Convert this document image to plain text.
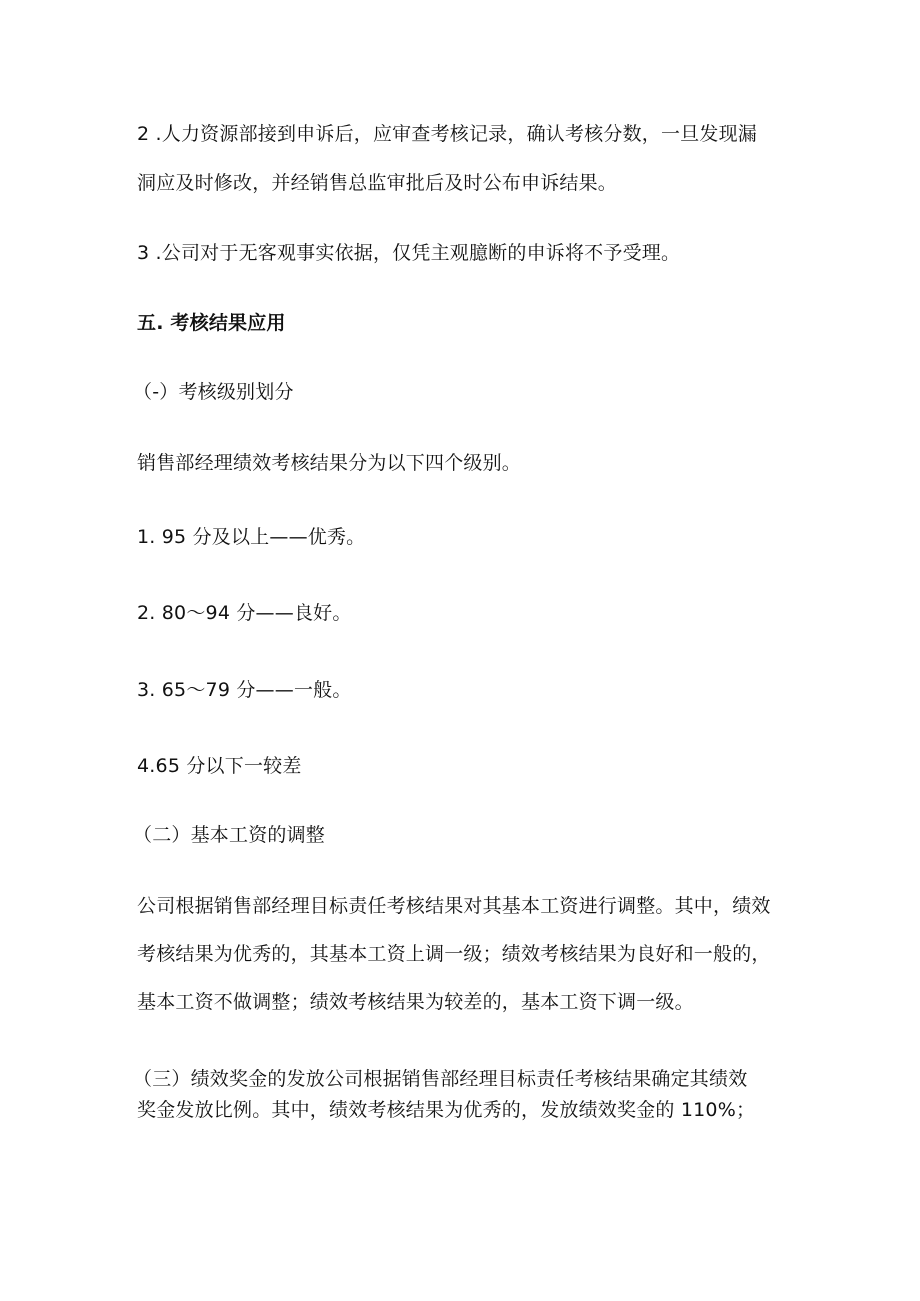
2 .人力资源部接到申诉后，应审查考核记录，确认考核分数，一旦发现漏
洞应及时修改，并经销售总监审批后及时公布申诉结果。
3 .公司对于无客观事实依据，仅凭主观臆断的申诉将不予受理。
五. 考核结果应用
（-）考核级别划分
销售部经理绩效考核结果分为以下四个级别。
1. 95 分及以上——优秀。
2. 80～94 分——良好。
3. 65～79 分——一般。
4.65 分以下一较差
（二）基本工资的调整
公司根据销售部经理目标责任考核结果对其基本工资进行调整。其中，绩效
考核结果为优秀的，其基本工资上调一级；绩效考核结果为良好和一般的，
基本工资不做调整；绩效考核结果为较差的，基本工资下调一级。
（三）绩效奖金的发放公司根据销售部经理目标责任考核结果确定其绩效
奖金发放比例。其中，绩效考核结果为优秀的，发放绩效奖金的 110%；
